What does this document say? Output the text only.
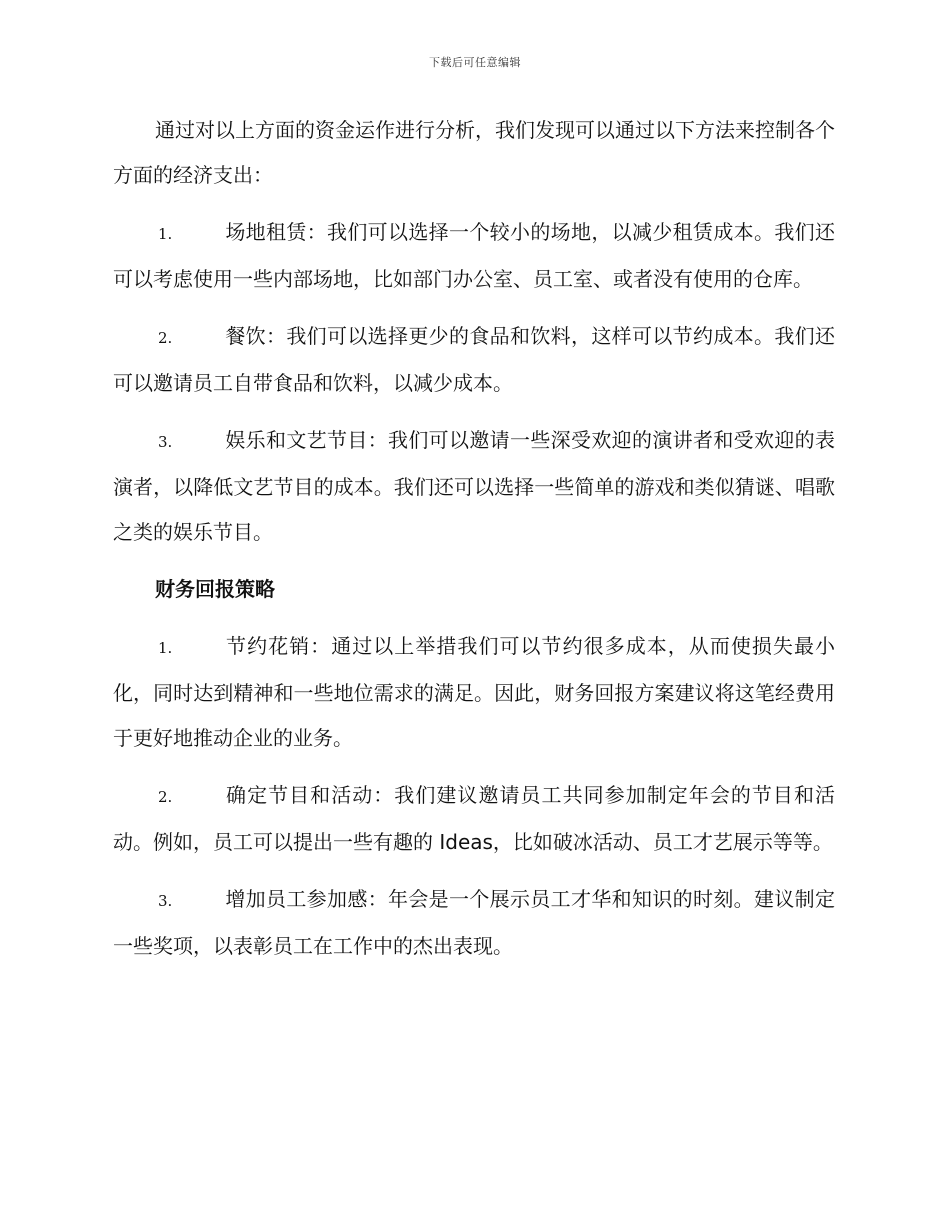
下载后可任意编辑

通过对以上方面的资金运作进行分析，我们发现可以通过以下方法来控制各个方面的经济支出：

1.	场地租赁：我们可以选择一个较小的场地，以减少租赁成本。我们还可以考虑使用一些内部场地，比如部门办公室、员工室、或者没有使用的仓库。

2.	餐饮：我们可以选择更少的食品和饮料，这样可以节约成本。我们还可以邀请员工自带食品和饮料，以减少成本。

3.	娱乐和文艺节目：我们可以邀请一些深受欢迎的演讲者和受欢迎的表演者，以降低文艺节目的成本。我们还可以选择一些简单的游戏和类似猜谜、唱歌之类的娱乐节目。

财务回报策略

1.	节约花销：通过以上举措我们可以节约很多成本，从而使损失最小化，同时达到精神和一些地位需求的满足。因此，财务回报方案建议将这笔经费用于更好地推动企业的业务。

2.	确定节目和活动：我们建议邀请员工共同参加制定年会的节目和活动。例如，员工可以提出一些有趣的 Ideas，比如破冰活动、员工才艺展示等等。

3.	增加员工参加感：年会是一个展示员工才华和知识的时刻。建议制定一些奖项，以表彰员工在工作中的杰出表现。
